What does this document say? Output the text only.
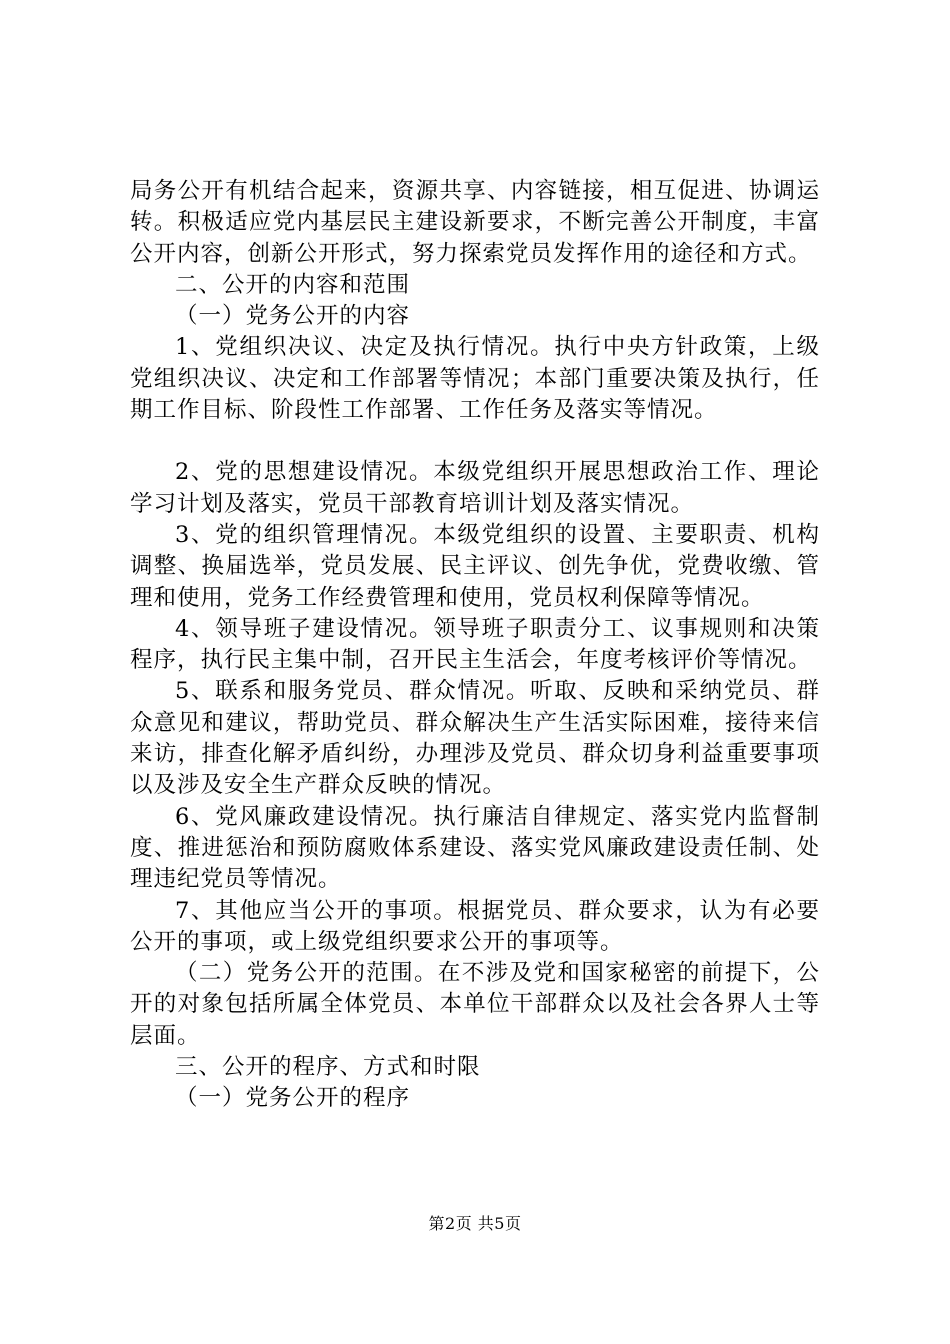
局务公开有机结合起来，资源共享、内容链接，相互促进、协调运转。积极适应党内基层民主建设新要求，不断完善公开制度，丰富公开内容，创新公开形式，努力探索党员发挥作用的途径和方式。

二、公开的内容和范围

（一）党务公开的内容

1、党组织决议、决定及执行情况。执行中央方针政策，上级党组织决议、决定和工作部署等情况；本部门重要决策及执行，任期工作目标、阶段性工作部署、工作任务及落实等情况。

2、党的思想建设情况。本级党组织开展思想政治工作、理论学习计划及落实，党员干部教育培训计划及落实情况。

3、党的组织管理情况。本级党组织的设置、主要职责、机构调整、换届选举，党员发展、民主评议、创先争优，党费收缴、管理和使用，党务工作经费管理和使用，党员权利保障等情况。

4、领导班子建设情况。领导班子职责分工、议事规则和决策程序，执行民主集中制，召开民主生活会，年度考核评价等情况。

5、联系和服务党员、群众情况。听取、反映和采纳党员、群众意见和建议，帮助党员、群众解决生产生活实际困难，接待来信来访，排查化解矛盾纠纷，办理涉及党员、群众切身利益重要事项以及涉及安全生产群众反映的情况。

6、党风廉政建设情况。执行廉洁自律规定、落实党内监督制度、推进惩治和预防腐败体系建设、落实党风廉政建设责任制、处理违纪党员等情况。

7、其他应当公开的事项。根据党员、群众要求，认为有必要公开的事项，或上级党组织要求公开的事项等。

（二）党务公开的范围。在不涉及党和国家秘密的前提下，公开的对象包括所属全体党员、本单位干部群众以及社会各界人士等层面。

三、公开的程序、方式和时限

（一）党务公开的程序

第2页 共5页
